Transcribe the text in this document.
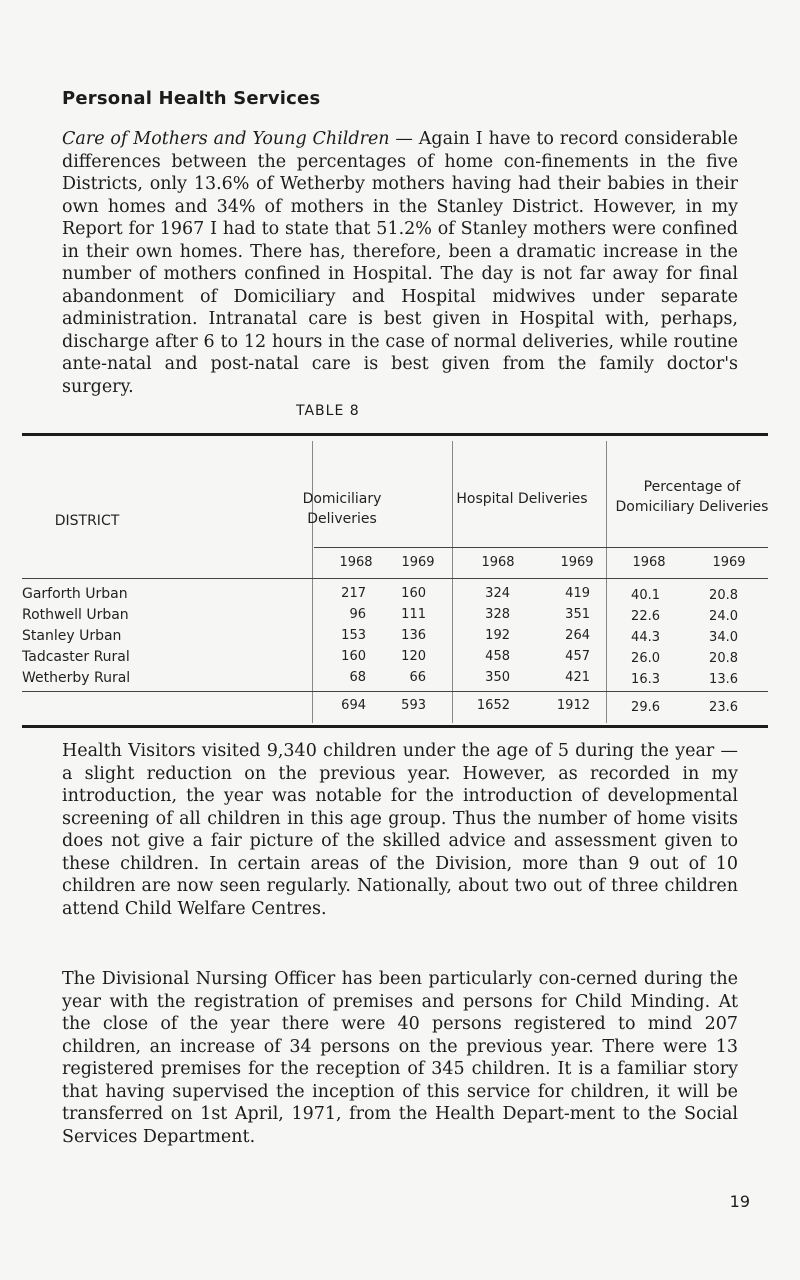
Personal Health Services

Care of Mothers and Young Children — Again I have to record considerable differences between the percentages of home con-finements in the five Districts, only 13.6% of Wetherby mothers having had their babies in their own homes and 34% of mothers in the Stanley District. However, in my Report for 1967 I had to state that 51.2% of Stanley mothers were confined in their own homes. There has, therefore, been a dramatic increase in the number of mothers confined in Hospital. The day is not far away for final abandonment of Domiciliary and Hospital midwives under separate administration. Intranatal care is best given in Hospital with, perhaps, discharge after 6 to 12 hours in the case of normal deliveries, while routine ante-natal and post-natal care is best given from the family doctor's surgery.

TABLE 8
DISTRICT
Domiciliary Deliveries
Hospital Deliveries
Percentage of Domiciliary Deliveries
1968	1969	1968	1969	1968	1969
Garforth Urban	217	160	324	419	40.1	20.8
Rothwell Urban	96	111	328	351	22.6	24.0
Stanley Urban	153	136	192	264	44.3	34.0
Tadcaster Rural	160	120	458	457	26.0	20.8
Wetherby Rural	68	66	350	421	16.3	13.6
694	593	1652	1912	29.6	23.6

Health Visitors visited 9,340 children under the age of 5 during the year — a slight reduction on the previous year. However, as recorded in my introduction, the year was notable for the introduction of developmental screening of all children in this age group. Thus the number of home visits does not give a fair picture of the skilled advice and assessment given to these children. In certain areas of the Division, more than 9 out of 10 children are now seen regularly. Nationally, about two out of three children attend Child Welfare Centres.

The Divisional Nursing Officer has been particularly con-cerned during the year with the registration of premises and persons for Child Minding. At the close of the year there were 40 persons registered to mind 207 children, an increase of 34 persons on the previous year. There were 13 registered premises for the reception of 345 children. It is a familiar story that having supervised the inception of this service for children, it will be transferred on 1st April, 1971, from the Health Depart-ment to the Social Services Department.

19
